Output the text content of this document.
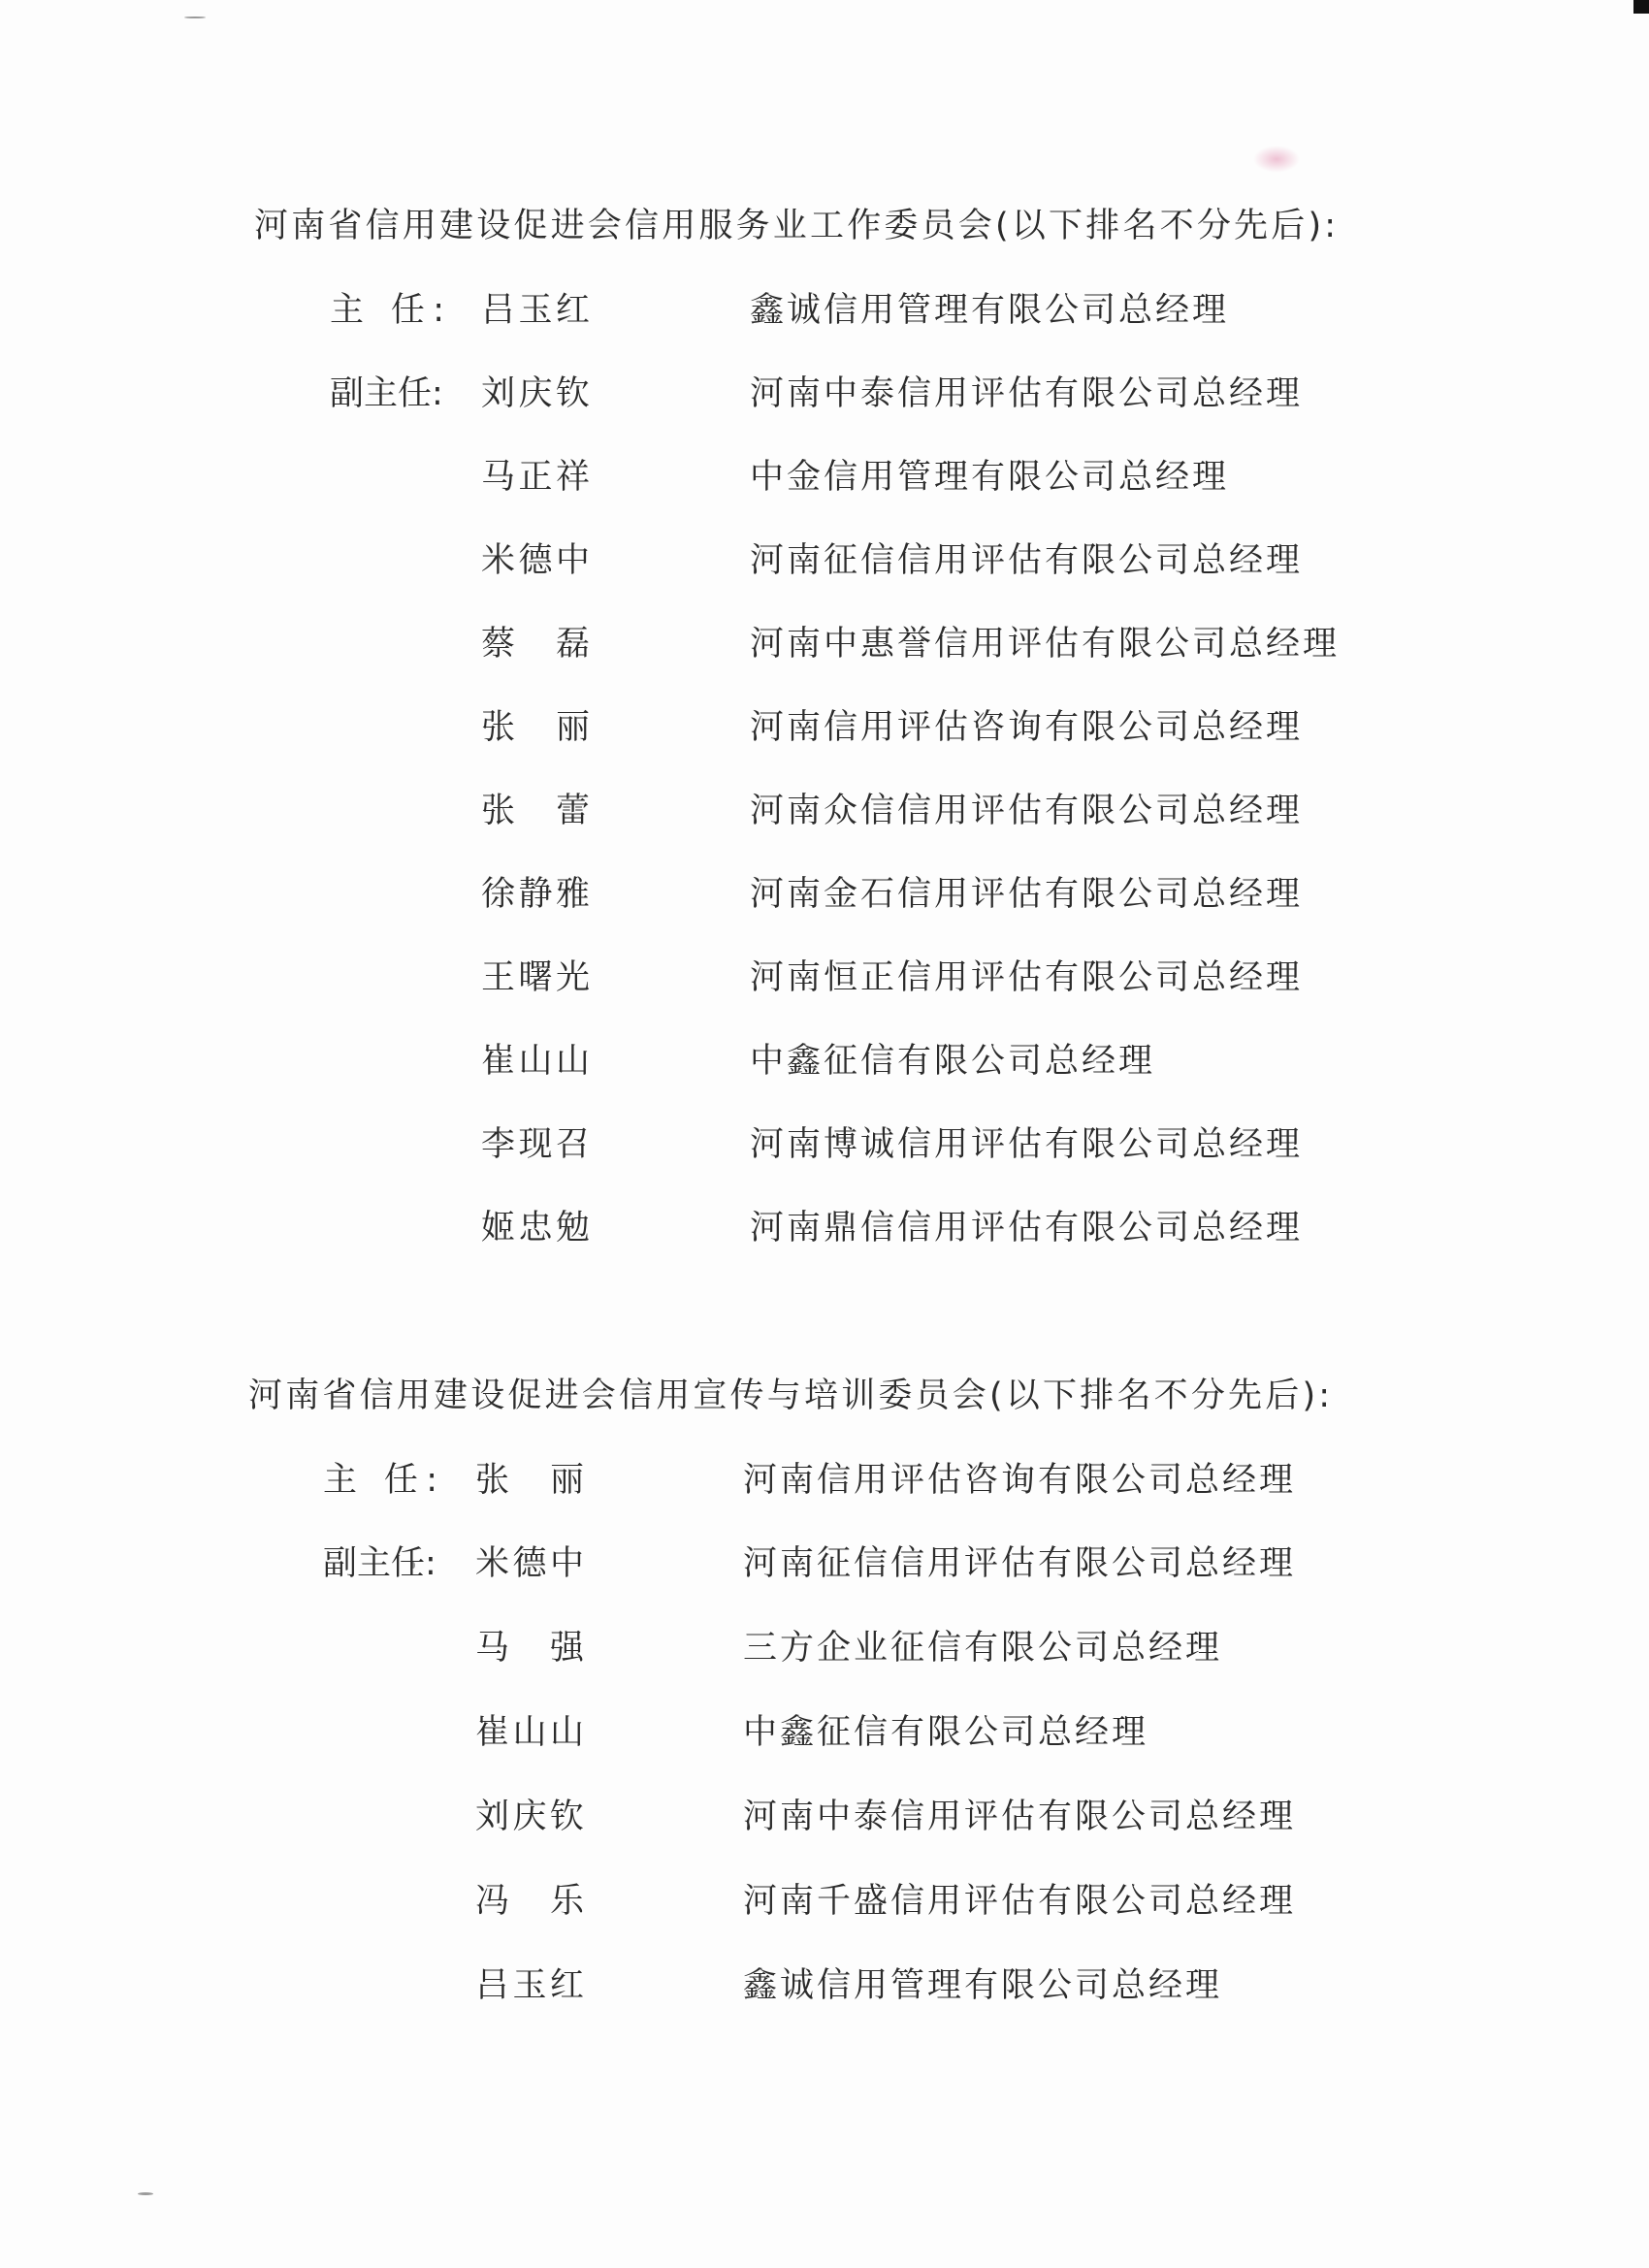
河南省信用建设促进会信用服务业工作委员会(以下排名不分先后):
主 任:	吕玉红	鑫诚信用管理有限公司总经理
副主任:	刘庆钦	河南中泰信用评估有限公司总经理
马正祥	中金信用管理有限公司总经理
米德中	河南征信信用评估有限公司总经理
蔡 磊	河南中惠誉信用评估有限公司总经理
张 丽	河南信用评估咨询有限公司总经理
张 蕾	河南众信信用评估有限公司总经理
徐静雅	河南金石信用评估有限公司总经理
王曙光	河南恒正信用评估有限公司总经理
崔山山	中鑫征信有限公司总经理
李现召	河南博诚信用评估有限公司总经理
姬忠勉	河南鼎信信用评估有限公司总经理
河南省信用建设促进会信用宣传与培训委员会(以下排名不分先后):
主 任:	张 丽	河南信用评估咨询有限公司总经理
副主任:	米德中	河南征信信用评估有限公司总经理
马 强	三方企业征信有限公司总经理
崔山山	中鑫征信有限公司总经理
刘庆钦	河南中泰信用评估有限公司总经理
冯 乐	河南千盛信用评估有限公司总经理
吕玉红	鑫诚信用管理有限公司总经理
